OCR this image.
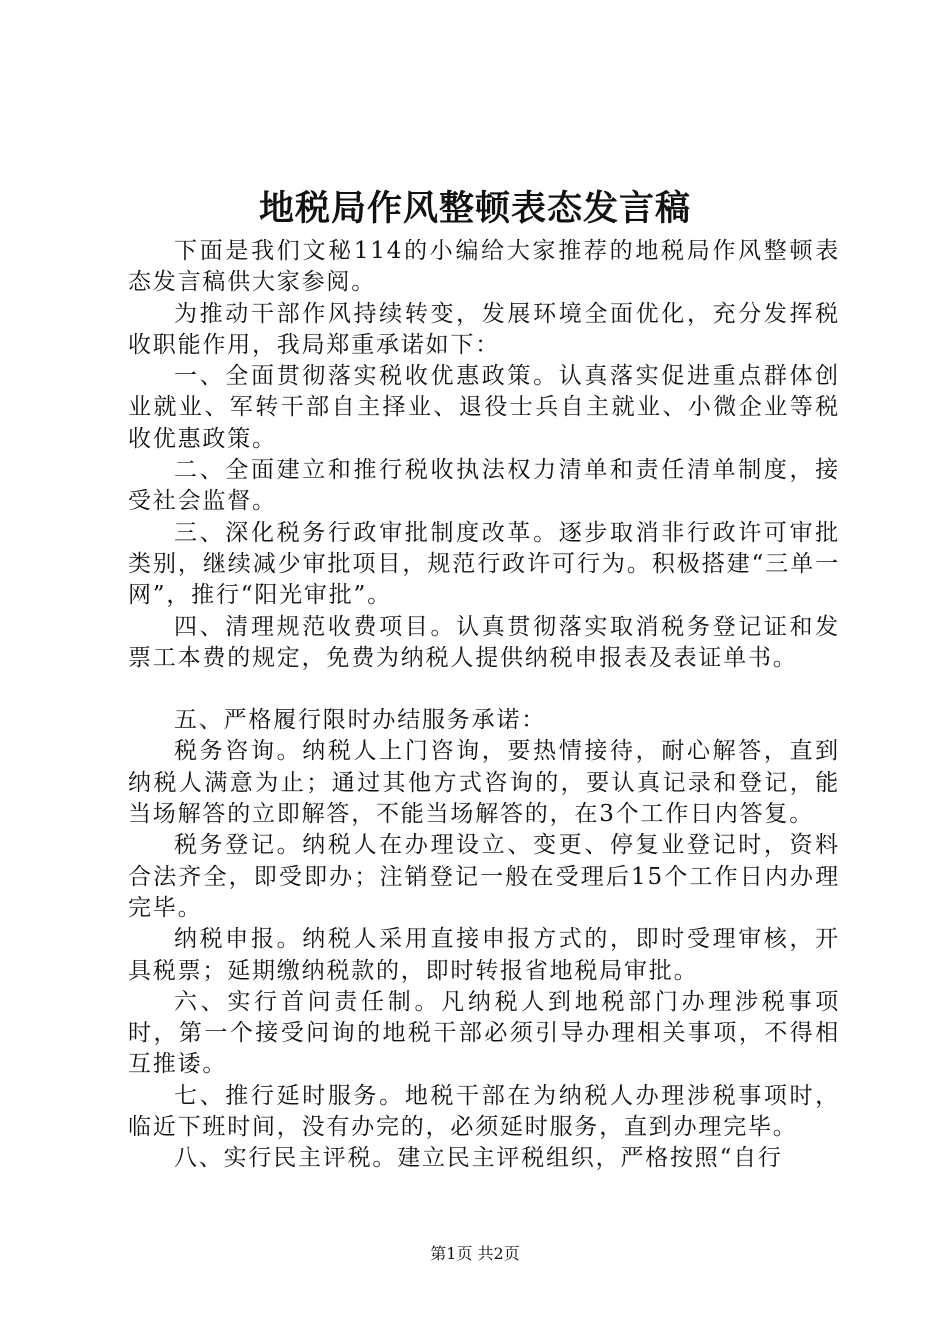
地税局作风整顿表态发言稿

下面是我们文秘114的小编给大家推荐的地税局作风整顿表态发言稿供大家参阅。

为推动干部作风持续转变，发展环境全面优化，充分发挥税收职能作用，我局郑重承诺如下：

一、全面贯彻落实税收优惠政策。认真落实促进重点群体创业就业、军转干部自主择业、退役士兵自主就业、小微企业等税收优惠政策。

二、全面建立和推行税收执法权力清单和责任清单制度，接受社会监督。

三、深化税务行政审批制度改革。逐步取消非行政许可审批类别，继续减少审批项目，规范行政许可行为。积极搭建“三单一网”，推行“阳光审批”。

四、清理规范收费项目。认真贯彻落实取消税务登记证和发票工本费的规定，免费为纳税人提供纳税申报表及表证单书。

五、严格履行限时办结服务承诺：

税务咨询。纳税人上门咨询，要热情接待，耐心解答，直到纳税人满意为止；通过其他方式咨询的，要认真记录和登记，能当场解答的立即解答，不能当场解答的，在3个工作日内答复。

税务登记。纳税人在办理设立、变更、停复业登记时，资料合法齐全，即受即办；注销登记一般在受理后15个工作日内办理完毕。

纳税申报。纳税人采用直接申报方式的，即时受理审核，开具税票；延期缴纳税款的，即时转报省地税局审批。

六、实行首问责任制。凡纳税人到地税部门办理涉税事项时，第一个接受问询的地税干部必须引导办理相关事项，不得相互推诿。

七、推行延时服务。地税干部在为纳税人办理涉税事项时，临近下班时间，没有办完的，必须延时服务，直到办理完毕。

八、实行民主评税。建立民主评税组织，严格按照“自行

第1页 共2页
